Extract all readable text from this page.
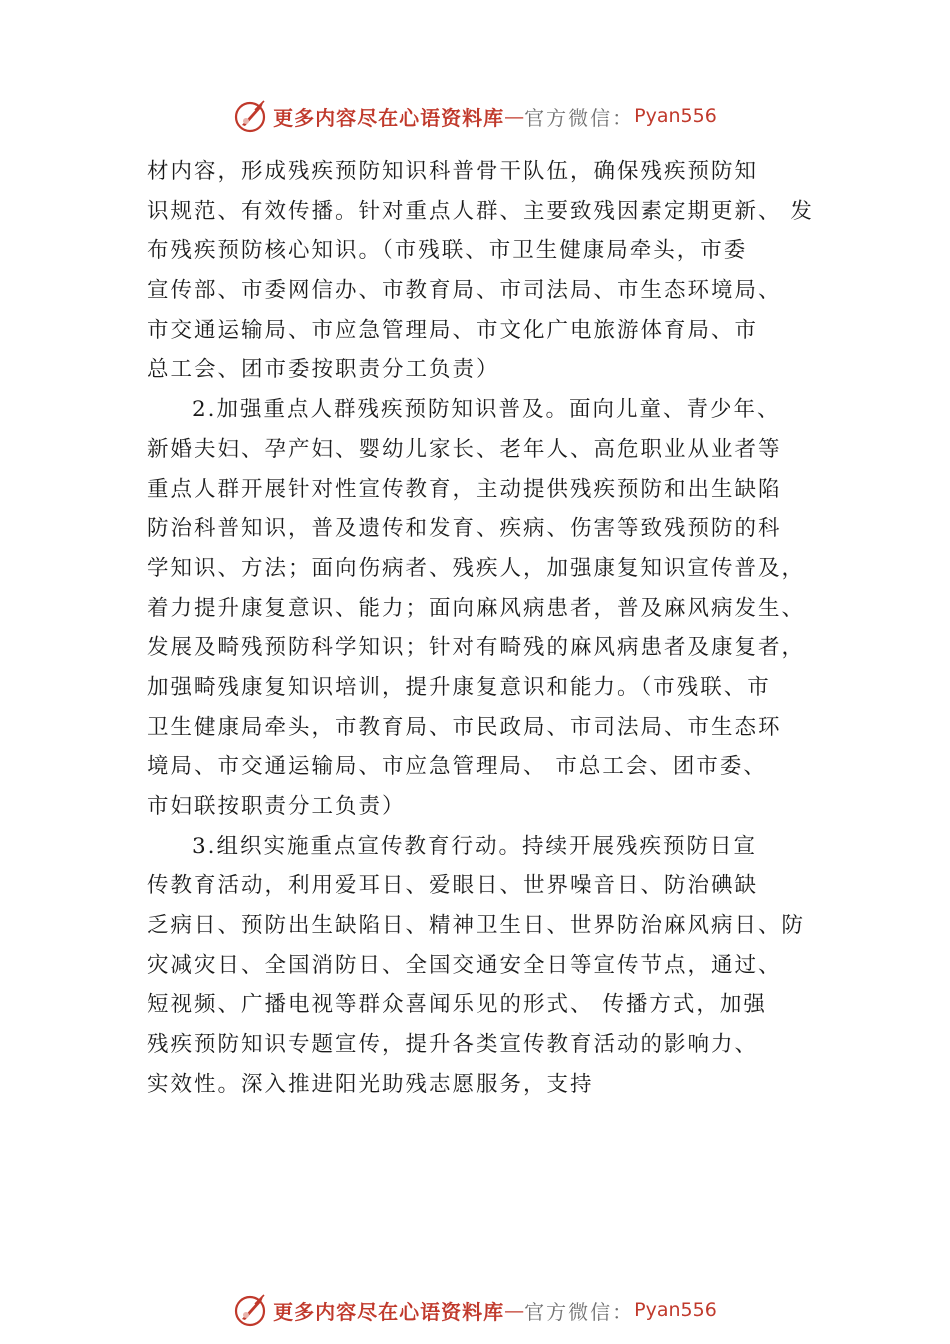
更多内容尽在心语资料库 — 官方微信： Pyan556
材内容，形成残疾预防知识科普骨干队伍，确保残疾预防知
识规范、有效传播。针对重点人群、主要致残因素定期更新、 发
布残疾预防核心知识。（市残联、市卫生健康局牵头，市委
宣传部、市委网信办、市教育局、市司法局、市生态环境局、
市交通运输局、市应急管理局、市文化广电旅游体育局、市
总工会、团市委按职责分工负责）
2.加强重点人群残疾预防知识普及。面向儿童、青少年、
新婚夫妇、孕产妇、婴幼儿家长、老年人、高危职业从业者等
重点人群开展针对性宣传教育，主动提供残疾预防和出生缺陷
防治科普知识，普及遗传和发育、疾病、伤害等致残预防的科
学知识、方法；面向伤病者、残疾人，加强康复知识宣传普及，
着力提升康复意识、能力；面向麻风病患者，普及麻风病发生、
发展及畸残预防科学知识；针对有畸残的麻风病患者及康复者，
加强畸残康复知识培训，提升康复意识和能力。（市残联、市
卫生健康局牵头，市教育局、市民政局、市司法局、市生态环
境局、市交通运输局、市应急管理局、 市总工会、团市委、
市妇联按职责分工负责）
3.组织实施重点宣传教育行动。持续开展残疾预防日宣
传教育活动，利用爱耳日、爱眼日、世界噪音日、防治碘缺
乏病日、预防出生缺陷日、精神卫生日、世界防治麻风病日、防
灾减灾日、全国消防日、全国交通安全日等宣传节点，通过、
短视频、广播电视等群众喜闻乐见的形式、 传播方式，加强
残疾预防知识专题宣传，提升各类宣传教育活动的影响力、
实效性。深入推进阳光助残志愿服务，支持
更多内容尽在心语资料库 — 官方微信： Pyan556
